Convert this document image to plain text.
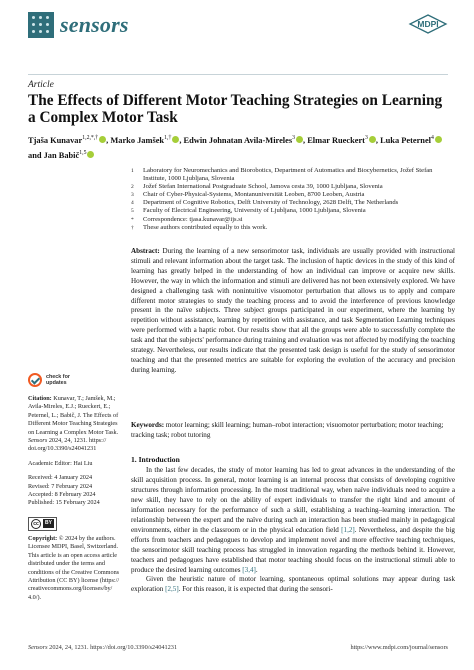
sensors	MDPI
Article
The Effects of Different Motor Teaching Strategies on Learning a Complex Motor Task
Tjaša Kunavar$^{1,2,*,\dagger}$ , Marko Jamšek$^{1,\dagger}$ , Edwin Johnatan Avila-Mireles$^3$ , Elmar Rueckert$^3$ , Luka Peternel$^4$ and Jan Babič$^{1,5}$
1	Laboratory for Neuromechanics and Biorobotics, Department of Automatics and Biocybernetics, Jožef Stefan Institute, 1000 Ljubljana, Slovenia
2	Jožef Stefan International Postgraduate School, Jamova cesta 39, 1000 Ljubljana, Slovenia
3	Chair of Cyber-Physical-Systems, Montanuniversität Leoben, 8700 Leoben, Austria
4	Department of Cognitive Robotics, Delft University of Technology, 2628 Delft, The Netherlands
5	Faculty of Electrical Engineering, University of Ljubljana, 1000 Ljubljana, Slovenia
*	Correspondence: tjasa.kunavar@ijs.si
†	These authors contributed equally to this work.
Abstract: During the learning of a new sensorimotor task, individuals are usually provided with instructional stimuli and relevant information about the target task. The inclusion of haptic devices in the study of this kind of learning has greatly helped in the understanding of how an individual can improve or acquire new skills. However, the way in which the information and stimuli are delivered has not been extensively explored. We have designed a challenging task with nonintuitive visuomotor perturbation that allows us to apply and compare different motor strategies to study the teaching process and to avoid the interference of previous knowledge present in the naïve subjects. Three subject groups participated in our experiment, where the learning by repetition without assistance, learning by repetition with assistance, and task Segmentation Learning techniques were performed with a haptic robot. Our results show that all the groups were able to successfully complete the task and that the subjects' performance during training and evaluation was not affected by modifying the teaching strategy. Nevertheless, our results indicate that the presented task design is useful for the study of sensorimotor teaching and that the presented metrics are suitable for exploring the evolution of the accuracy and precision during learning.
Keywords: motor learning; skill learning; human–robot interaction; visuomotor perturbation; motor teaching; tracking task; robot tutoring
check for
updates
Citation: Kunavar, T.; Jamšek, M.; Avila-Mireles, E.J.; Rueckert, E.; Peternel, L.; Babič, J. The Effects of Different Motor Teaching Strategies on Learning a Complex Motor Task. Sensors 2024, 24, 1231. https:// doi.org/10.3390/s24041231
Academic Editor: Hai Liu
Received: 4 January 2024
Revised: 7 February 2024
Accepted: 8 February 2024
Published: 15 February 2024
cc	BY
Copyright: © 2024 by the authors. Licensee MDPI, Basel, Switzerland. This article is an open access article distributed under the terms and conditions of the Creative Commons Attribution (CC BY) license (https:// creativecommons.org/licenses/by/ 4.0/).
1. Introduction

In the last few decades, the study of motor learning has led to great advances in the understanding of the skill acquisition process. In general, motor learning is an internal process that consists of developing cognitive structures through information processing. In the most traditional way, when naïve individuals need to acquire a new skill, they have to rely on the ability of expert individuals to transfer the right kind and amount of information necessary for the performance of such a skill, establishing a teaching–learning interaction. The relationship between the expert and the naïve during such an interaction has been studied mainly in pedagogical environments, either in the classroom or in the physical education field [1,2]. Nevertheless, and despite the big efforts from teachers and pedagogues to develop and implement novel and more effective teaching techniques, the sensorimotor skill teaching process has struggled in innovation regarding the methods behind it. However, teachers and pedagogues have established that motor teaching should focus on the instructional stimuli able to produce the desired learning outcomes [3,4].

Given the heuristic nature of motor learning, spontaneous optimal solutions may appear during task exploration [2,5]. For this reason, it is expected that during the sensori-

Sensors 2024, 24, 1231. https://doi.org/10.3390/s24041231	https://www.mdpi.com/journal/sensors
